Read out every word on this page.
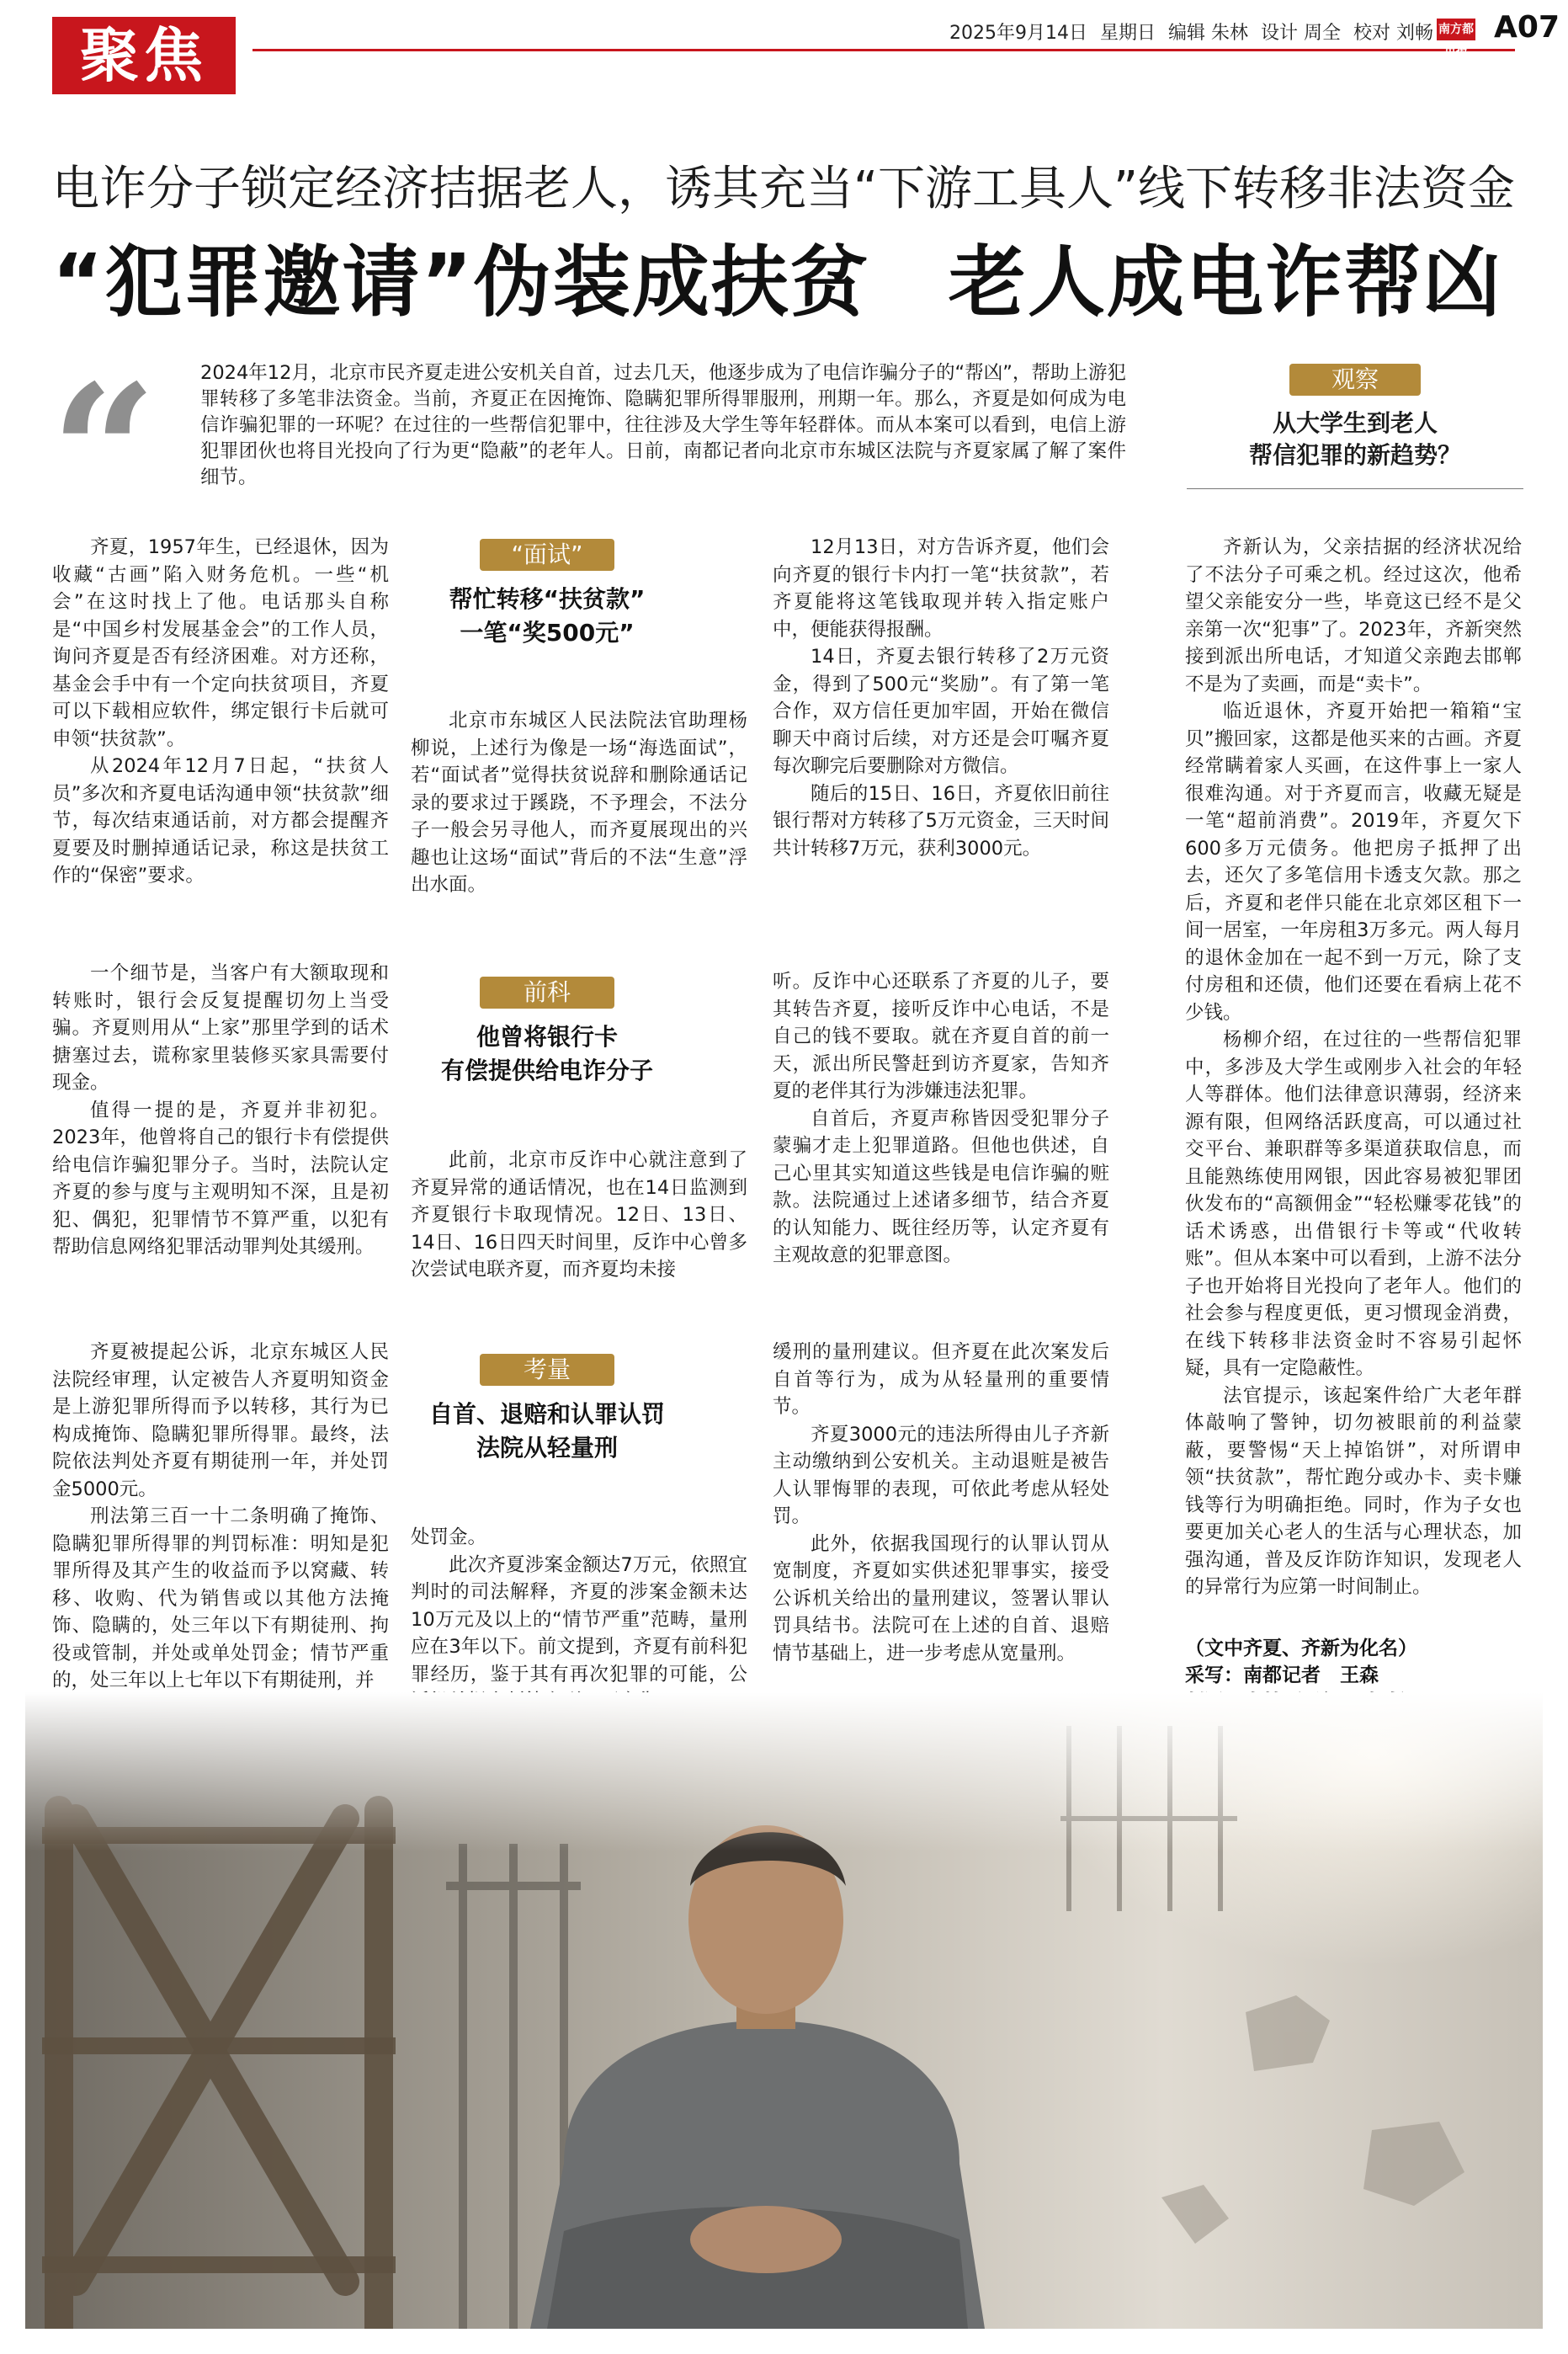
聚焦	2025年9月14日 星期日 编辑 朱林 设计 周全 校对 刘畅 南方都市报
A07
电诈分子锁定经济拮据老人，诱其充当“下游工具人”线下转移非法资金
“犯罪邀请”伪装成扶贫　老人成电诈帮凶
“ 2024年12月，北京市民齐夏走进公安机关自首，过去几天，他逐步成为了电信诈骗分子的“帮凶”，帮助上游犯罪转移了多笔非法资金。当前，齐夏正在因掩饰、隐瞒犯罪所得罪服刑，刑期一年。那么，齐夏是如何成为电信诈骗犯罪的一环呢？在过往的一些帮信犯罪中，往往涉及大学生等年轻群体。而从本案可以看到，电信上游犯罪团伙也将目光投向了行为更“隐蔽”的老年人。日前，南都记者向北京市东城区法院与齐夏家属了解了案件细节。
观察
从大学生到老人
帮信犯罪的新趋势？

齐夏，1957年生，已经退休，因为收藏“古画”陷入财务危机。一些“机会”在这时找上了他。电话那头自称是“中国乡村发展基金会”的工作人员，询问齐夏是否有经济困难。对方还称，基金会手中有一个定向扶贫项目，齐夏可以下载相应软件，绑定银行卡后就可申领“扶贫款”。

从2024年12月7日起，“扶贫人员”多次和齐夏电话沟通申领“扶贫款”细节，每次结束通话前，对方都会提醒齐夏要及时删掉通话记录，称这是扶贫工作的“保密”要求。

一个细节是，当客户有大额取现和转账时，银行会反复提醒切勿上当受骗。齐夏则用从“上家”那里学到的话术搪塞过去，谎称家里装修买家具需要付现金。

值得一提的是，齐夏并非初犯。2023年，他曾将自己的银行卡有偿提供给电信诈骗犯罪分子。当时，法院认定齐夏的参与度与主观明知不深，且是初犯、偶犯，犯罪情节不算严重，以犯有帮助信息网络犯罪活动罪判处其缓刑。

齐夏被提起公诉，北京东城区人民法院经审理，认定被告人齐夏明知资金是上游犯罪所得而予以转移，其行为已构成掩饰、隐瞒犯罪所得罪。最终，法院依法判处齐夏有期徒刑一年，并处罚金5000元。

刑法第三百一十二条明确了掩饰、隐瞒犯罪所得罪的判罚标准：明知是犯罪所得及其产生的收益而予以窝藏、转移、收购、代为销售或以其他方法掩饰、隐瞒的，处三年以下有期徒刑、拘役或管制，并处或单处罚金；情节严重的，处三年以上七年以下有期徒刑，并

“面试”
帮忙转移“扶贫款”
一笔“奖500元”

北京市东城区人民法院法官助理杨柳说，上述行为像是一场“海选面试”，若“面试者”觉得扶贫说辞和删除通话记录的要求过于蹊跷，不予理会，不法分子一般会另寻他人，而齐夏展现出的兴趣也让这场“面试”背后的不法“生意”浮出水面。

前科
他曾将银行卡
有偿提供给电诈分子

此前，北京市反诈中心就注意到了齐夏异常的通话情况，也在14日监测到齐夏银行卡取现情况。12日、13日、14日、16日四天时间里，反诈中心曾多次尝试电联齐夏，而齐夏均未接

考量
自首、退赔和认罪认罚
法院从轻量刑

处罚金。

此次齐夏涉案金额达7万元，依照宜判时的司法解释，齐夏的涉案金额未达10万元及以上的“情节严重”范畴，量刑应在3年以下。前文提到，齐夏有前科犯罪经历，鉴于其有再次犯罪的可能，公

12月13日，对方告诉齐夏，他们会向齐夏的银行卡内打一笔“扶贫款”，若齐夏能将这笔钱取现并转入指定账户中，便能获得报酬。

14日，齐夏去银行转移了2万元资金，得到了500元“奖励”。有了第一笔合作，双方信任更加牢固，开始在微信聊天中商讨后续，对方还是会叮嘱齐夏每次聊完后要删除对方微信。

随后的15日、16日，齐夏依旧前往银行帮对方转移了5万元资金，三天时间共计转移7万元，获利3000元。

听。反诈中心还联系了齐夏的儿子，要其转告齐夏，接听反诈中心电话，不是自己的钱不要取。就在齐夏自首的前一天，派出所民警赶到访齐夏家，告知齐夏的老伴其行为涉嫌违法犯罪。

自首后，齐夏声称皆因受犯罪分子蒙骗才走上犯罪道路。但他也供述，自己心里其实知道这些钱是电信诈骗的赃款。法院通过上述诸多细节，结合齐夏的认知能力、既往经历等，认定齐夏有主观故意的犯罪意图。

缓刑的量刑建议。但齐夏在此次案发后自首等行为，成为从轻量刑的重要情节。

齐夏3000元的违法所得由儿子齐新主动缴纳到公安机关。主动退赃是被告人认罪悔罪的表现，可依此考虑从轻处罚。

此外，依据我国现行的认罪认罚从宽制度，齐夏如实供述犯罪事实，接受公诉机关给出的量刑建议，签署认罪认罚具结书。法院可在上述的自首、退赔情节基础上，进一步考虑从宽量刑。

齐新认为，父亲拮据的经济状况给了不法分子可乘之机。经过这次，他希望父亲能安分一些，毕竟这已经不是父亲第一次“犯事”了。2023年，齐新突然接到派出所电话，才知道父亲跑去邯郸不是为了卖画，而是“卖卡”。

临近退休，齐夏开始把一箱箱“宝贝”搬回家，这都是他买来的古画。齐夏经常瞒着家人买画，在这件事上一家人很难沟通。对于齐夏而言，收藏无疑是一笔“超前消费”。2019年，齐夏欠下600多万元债务。他把房子抵押了出去，还欠了多笔信用卡透支欠款。那之后，齐夏和老伴只能在北京郊区租下一间一居室，一年房租3万多元。两人每月的退休金加在一起不到一万元，除了支付房租和还债，他们还要在看病上花不少钱。

杨柳介绍，在过往的一些帮信犯罪中，多涉及大学生或刚步入社会的年轻人等群体。他们法律意识薄弱，经济来源有限，但网络活跃度高，可以通过社交平台、兼职群等多渠道获取信息，而且能熟练使用网银，因此容易被犯罪团伙发布的“高额佣金”“轻松赚零花钱”的话术诱惑，出借银行卡等或“代收转账”。但从本案中可以看到，上游不法分子也开始将目光投向了老年人。他们的社会参与程度更低，更习惯现金消费，在线下转移非法资金时不容易引起怀疑，具有一定隐蔽性。

法官提示，该起案件给广大老年群体敲响了警钟，切勿被眼前的利益蒙蔽，要警惕“天上掉馅饼”，对所谓申领“扶贫款”，帮忙跑分或办卡、卖卡赚钱等行为明确拒绝。同时，作为子女也要更加关心老人的生活与心理状态，加强沟通，普及反诈防诈知识，发现老人的异常行为应第一时间制止。

（文中齐夏、齐新为化名）
采写：南都记者　王森
